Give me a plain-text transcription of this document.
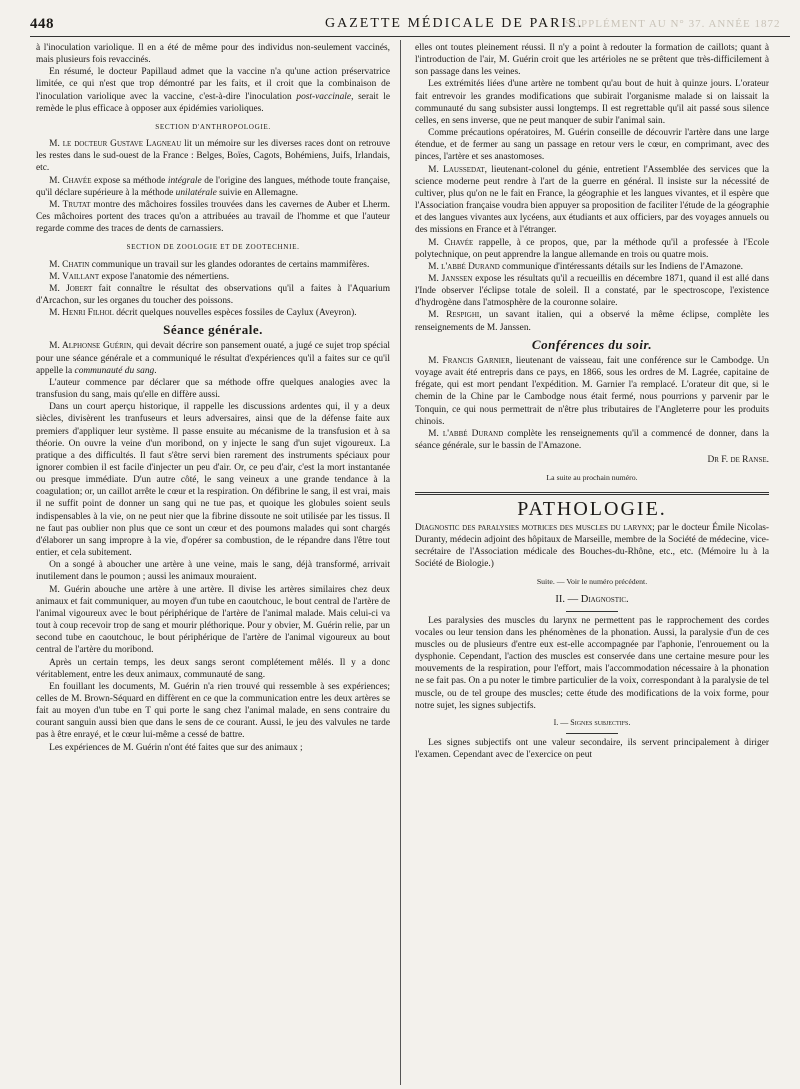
448	GAZETTE MÉDICALE DE PARIS.
SUPPLÉMENT AU N° 37. ANNÉE 1872

à l'inoculation variolique. Il en a été de même pour des individus non-seulement vaccinés, mais plusieurs fois revaccinés.

En résumé, le docteur Papillaud admet que la vaccine n'a qu'une action préservatrice limitée, ce qui n'est que trop démontré par les faits, et il croit que la combinaison de l'inoculation variolique avec la vaccine, c'est-à-dire l'inoculation post-vaccinale, serait le remède le plus efficace à opposer aux épidémies varioliques.

SECTION D'ANTHROPOLOGIE.

M. le docteur Gustave Lagneau lit un mémoire sur les diverses races dont on retrouve les restes dans le sud-ouest de la France : Belges, Boïes, Cagots, Bohémiens, Juifs, Irlandais, etc.

M. Chavée expose sa méthode intégrale de l'origine des langues, méthode toute française, qu'il déclare supérieure à la méthode unilatérale suivie en Allemagne.

M. Trutat montre des mâchoires fossiles trouvées dans les cavernes de Auber et Lherm. Ces mâchoires portent des traces qu'on a attribuées au travail de l'homme et que l'auteur regarde comme des traces de dents de carnassiers.

SECTION DE ZOOLOGIE ET DE ZOOTECHNIE.

M. Chatin communique un travail sur les glandes odorantes de certains mammifères.

M. Vaillant expose l'anatomie des némertiens.

M. Jobert fait connaître le résultat des observations qu'il a faites à l'Aquarium d'Arcachon, sur les organes du toucher des poissons.

M. Henri Filhol décrit quelques nouvelles espèces fossiles de Caylux (Aveyron).

Séance générale.

M. Alphonse Guérin, qui devait décrire son pansement ouaté, a jugé ce sujet trop spécial pour une séance générale et a communiqué le résultat d'expériences qu'il a faites sur ce qu'il appelle la communauté du sang.

L'auteur commence par déclarer que sa méthode offre quelques analogies avec la transfusion du sang, mais qu'elle en diffère aussi.

Dans un court aperçu historique, il rappelle les discussions ardentes qui, il y a deux siècles, divisèrent les tranfuseurs et leurs adversaires, ainsi que de la défense faite aux premiers d'appliquer leur système. Il passe ensuite au mécanisme de la transfusion et à sa théorie. On ouvre la veine d'un moribond, on y injecte le sang d'un sujet vigoureux. La pratique a des difficultés. Il faut s'être servi bien rarement des instruments spéciaux pour ignorer combien il est facile d'injecter un peu d'air. Or, ce peu d'air, c'est la mort instantanée ou presque immédiate. D'un autre côté, le sang veineux a une grande tendance à la coagulation; or, un caillot arrête le cœur et la respiration. On défibrine le sang, il est vrai, mais il ne suffit point de donner un sang qui ne tue pas, et quoique les globules soient seuls indispensables à la vie, on ne peut nier que la fibrine dissoute ne soit utilisée par les tissus. Il ne faut pas oublier non plus que ce sont un cœur et des poumons malades qui sont chargés d'élaborer un sang impropre à la vie, d'opérer sa combustion, de le répandre dans l'être tout entier, et cela subitement.

On a songé à aboucher une artère à une veine, mais le sang, déjà transformé, arrivait inutilement dans le poumon ; aussi les animaux mouraient.

M. Guérin abouche une artère à une artère. Il divise les artères similaires chez deux animaux et fait communiquer, au moyen d'un tube en caoutchouc, le bout central de l'artère de l'animal vigoureux avec le bout périphérique de l'artère de l'animal malade. Mais celui-ci va tout à coup recevoir trop de sang et mourir pléthorique. Pour y obvier, M. Guérin relie, par un second tube en caoutchouc, le bout périphérique de l'artère de l'animal vigoureux au bout central de l'artère du moribond.

Après un certain temps, les deux sangs seront complétement mêlés. Il y a donc véritablement, entre les deux animaux, communauté de sang.

En fouillant les documents, M. Guérin n'a rien trouvé qui ressemble à ses expériences; celles de M. Brown-Séquard en diffèrent en ce que la communication entre les deux artères se fait au moyen d'un tube en T qui porte le sang chez l'animal malade, en sens contraire du courant sanguin aussi bien que dans le sens de ce courant. Aussi, le jeu des valvules ne tarde pas à être enrayé, et le cœur lui-même a cessé de battre.

Les expériences de M. Guérin n'ont été faites que sur des animaux ;

elles ont toutes pleinement réussi. Il n'y a point à redouter la formation de caillots; quant à l'introduction de l'air, M. Guérin croit que les artérioles ne se prêtent que très-difficilement à son passage dans les veines.

Les extrémités liées d'une artère ne tombent qu'au bout de huit à quinze jours. L'orateur fait entrevoir les grandes modifications que subirait l'organisme malade si on laissait la communauté du sang subsister aussi longtemps. Il est regrettable qu'il ait passé sous silence celles, en sens inverse, que ne peut manquer de subir l'animal sain.

Comme précautions opératoires, M. Guérin conseille de découvrir l'artère dans une large étendue, et de fermer au sang un passage en retour vers le cœur, en comprimant, avec des pinces, l'artère et ses anastomoses.

M. Laussedat, lieutenant-colonel du génie, entretient l'Assemblée des services que la science moderne peut rendre à l'art de la guerre en général. Il insiste sur la nécessité de cultiver, plus qu'on ne le fait en France, la géographie et les langues vivantes, et il espère que l'Association française voudra bien appuyer sa proposition de faciliter l'étude de la géographie et des langues vivantes aux lycéens, aux étudiants et aux officiers, par des voyages annuels ou des missions en France et à l'étranger.

M. Chavée rappelle, à ce propos, que, par la méthode qu'il a professée à l'Ecole polytechnique, on peut apprendre la langue allemande en trois ou quatre mois.

M. l'abbé Durand communique d'intéressants détails sur les Indiens de l'Amazone.

M. Janssen expose les résultats qu'il a recueillis en décembre 1871, quand il est allé dans l'Inde observer l'éclipse totale de soleil. Il a constaté, par le spectroscope, l'existence d'hydrogène dans l'atmosphère de la couronne solaire.

M. Respighi, un savant italien, qui a observé la même éclipse, complète les renseignements de M. Janssen.

Conférences du soir.

M. Francis Garnier, lieutenant de vaisseau, fait une conférence sur le Cambodge. Un voyage avait été entrepris dans ce pays, en 1866, sous les ordres de M. Lagrée, capitaine de frégate, qui est mort pendant l'expédition. M. Garnier l'a remplacé. L'orateur dit que, si le chemin de la Chine par le Cambodge nous était fermé, nous pourrions y parvenir par le Tonquin, ce qui nous permettrait de n'être plus tributaires de l'Angleterre pour les produits chinois.

M. l'abbé Durand complète les renseignements qu'il a commencé de donner, dans la séance générale, sur le bassin de l'Amazone.

Dr F. de Ranse.
La suite au prochain numéro.
PATHOLOGIE.

Diagnostic des paralysies motrices des muscles du larynx; par le docteur Émile Nicolas-Duranty, médecin adjoint des hôpitaux de Marseille, membre de la Société de médecine, vice-secrétaire de l'Association médicale des Bouches-du-Rhône, etc., etc. (Mémoire lu à la Société de Biologie.)

Suite. — Voir le numéro précédent.
II. — Diagnostic.

Les paralysies des muscles du larynx ne permettent pas le rapprochement des cordes vocales ou leur tension dans les phénomènes de la phonation. Aussi, la paralysie d'un de ces muscles ou de plusieurs d'entre eux est-elle accompagnée par l'aphonie, l'enrouement ou la dysphonie. Cependant, l'action des muscles est conservée dans une certaine mesure pour les mouvements de la respiration, pour l'effort, mais l'accommodation nécessaire à la phonation ne se fait pas. On a pu noter le timbre particulier de la voix, correspondant à la paralysie de tel muscle, ou de tel groupe des muscles; cette étude des modifications de la voix forme, pour notre sujet, les signes subjectifs.

I. — Signes subjectifs.

Les signes subjectifs ont une valeur secondaire, ils servent principalement à diriger l'examen. Cependant avec de l'exercice on peut
